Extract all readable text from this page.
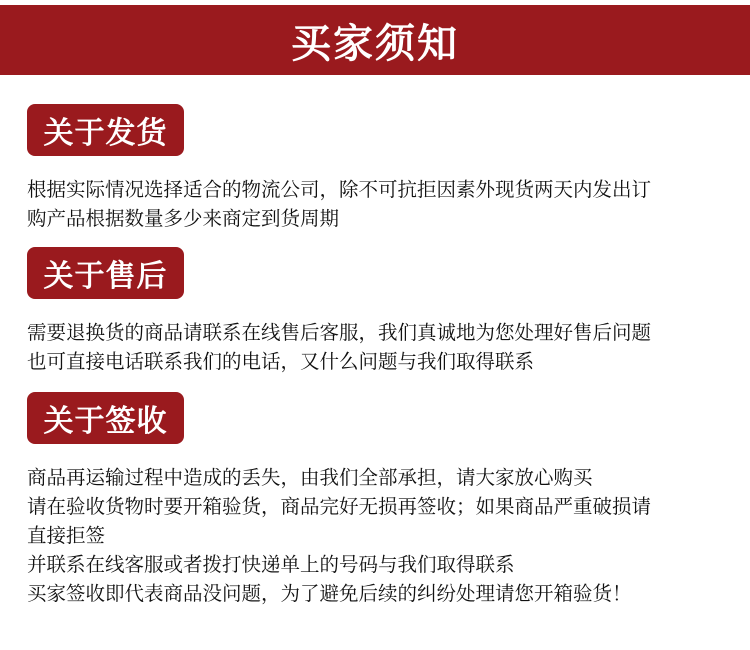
买家须知
关于发货
根据实际情况选择适合的物流公司，除不可抗拒因素外现货两天内发出订
购产品根据数量多少来商定到货周期
关于售后
需要退换货的商品请联系在线售后客服，我们真诚地为您处理好售后问题
也可直接电话联系我们的电话，又什么问题与我们取得联系
关于签收
商品再运输过程中造成的丢失，由我们全部承担，请大家放心购买
请在验收货物时要开箱验货，商品完好无损再签收；如果商品严重破损请
直接拒签
并联系在线客服或者拨打快递单上的号码与我们取得联系
买家签收即代表商品没问题，为了避免后续的纠纷处理请您开箱验货！
